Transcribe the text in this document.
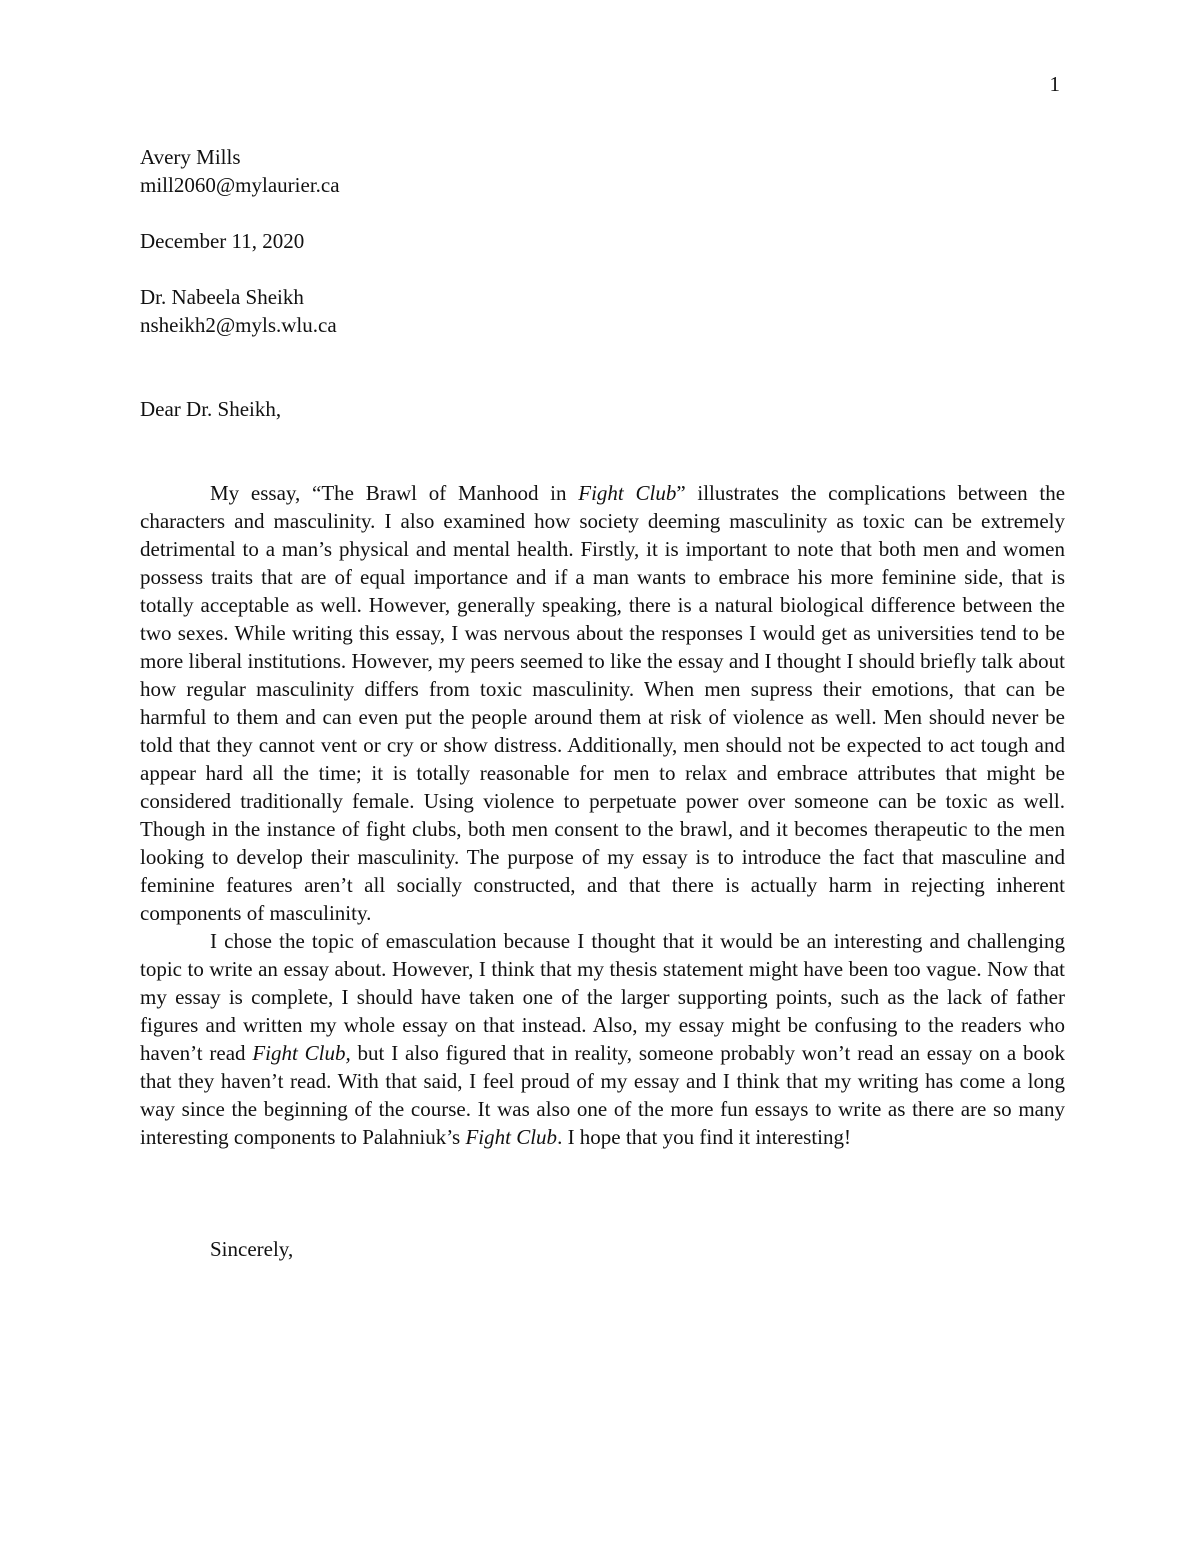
1
Avery Mills
mill2060@mylaurier.ca
December 11, 2020
Dr. Nabeela Sheikh
nsheikh2@myls.wlu.ca
Dear Dr. Sheikh,

My essay, “The Brawl of Manhood in Fight Club” illustrates the complications between the characters and masculinity. I also examined how society deeming masculinity as toxic can be extremely detrimental to a man’s physical and mental health. Firstly, it is important to note that both men and women possess traits that are of equal importance and if a man wants to embrace his more feminine side, that is totally acceptable as well. However, generally speaking, there is a natural biological difference between the two sexes. While writing this essay, I was nervous about the responses I would get as universities tend to be more liberal institutions. However, my peers seemed to like the essay and I thought I should briefly talk about how regular masculinity differs from toxic masculinity. When men supress their emotions, that can be harmful to them and can even put the people around them at risk of violence as well. Men should never be told that they cannot vent or cry or show distress. Additionally, men should not be expected to act tough and appear hard all the time; it is totally reasonable for men to relax and embrace attributes that might be considered traditionally female. Using violence to perpetuate power over someone can be toxic as well. Though in the instance of fight clubs, both men consent to the brawl, and it becomes therapeutic to the men looking to develop their masculinity. The purpose of my essay is to introduce the fact that masculine and feminine features aren’t all socially constructed, and that there is actually harm in rejecting inherent components of masculinity.

I chose the topic of emasculation because I thought that it would be an interesting and challenging topic to write an essay about. However, I think that my thesis statement might have been too vague. Now that my essay is complete, I should have taken one of the larger supporting points, such as the lack of father figures and written my whole essay on that instead. Also, my essay might be confusing to the readers who haven’t read Fight Club, but I also figured that in reality, someone probably won’t read an essay on a book that they haven’t read. With that said, I feel proud of my essay and I think that my writing has come a long way since the beginning of the course. It was also one of the more fun essays to write as there are so many interesting components to Palahniuk’s Fight Club. I hope that you find it interesting!

Sincerely,
